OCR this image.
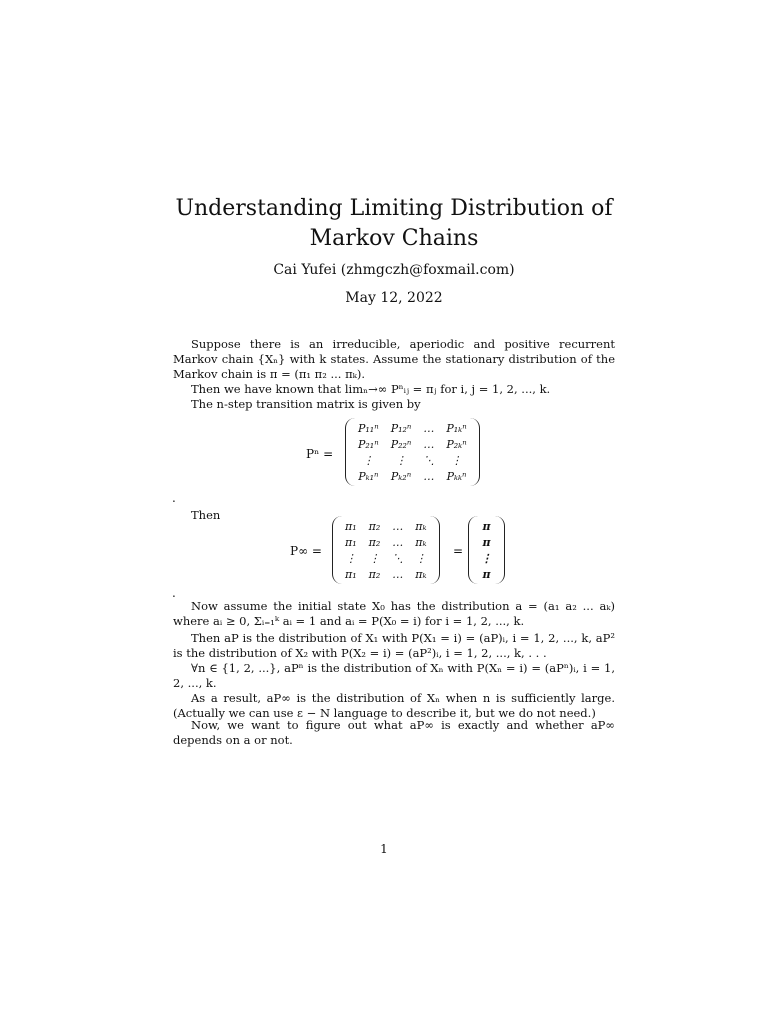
Understanding Limiting Distribution of Markov Chains
Cai Yufei (zhmgczh@foxmail.com)
May 12, 2022
Suppose there is an irreducible, aperiodic and positive recurrent Markov chain {Xₙ} with k states. Assume the stationary distribution of the Markov chain is π = (π₁ π₂ ... πₖ).
Then we have known that limₙ→∞ Pⁿᵢⱼ = πⱼ for i, j = 1, 2, ..., k.
The n-step transition matrix is given by
Pⁿ =
P₁₁ⁿ	P₁₂ⁿ	…	P₁ₖⁿ
P₂₁ⁿ	P₂₂ⁿ	…	P₂ₖⁿ
⋮	⋮	⋱	⋮
Pₖ₁ⁿ	Pₖ₂ⁿ	…	Pₖₖⁿ
.
Then
P∞ =
π₁	π₂	…	πₖ
π₁	π₂	…	πₖ
⋮	⋮	⋱	⋮
π₁	π₂	…	πₖ
=
π
π
⋮
π
.
Now assume the initial state X₀ has the distribution a = (a₁ a₂ ... aₖ) where aᵢ ≥ 0, Σᵢ₌₁ᵏ aᵢ = 1 and aᵢ = P(X₀ = i) for i = 1, 2, ..., k.
Then aP is the distribution of X₁ with P(X₁ = i) = (aP)ᵢ, i = 1, 2, ..., k, aP² is the distribution of X₂ with P(X₂ = i) = (aP²)ᵢ, i = 1, 2, ..., k, . . .
∀n ∈ {1, 2, ...}, aPⁿ is the distribution of Xₙ with P(Xₙ = i) = (aPⁿ)ᵢ, i = 1, 2, ..., k.
As a result, aP∞ is the distribution of Xₙ when n is sufficiently large. (Actually we can use ε − N language to describe it, but we do not need.)
Now, we want to figure out what aP∞ is exactly and whether aP∞ depends on a or not.
1
